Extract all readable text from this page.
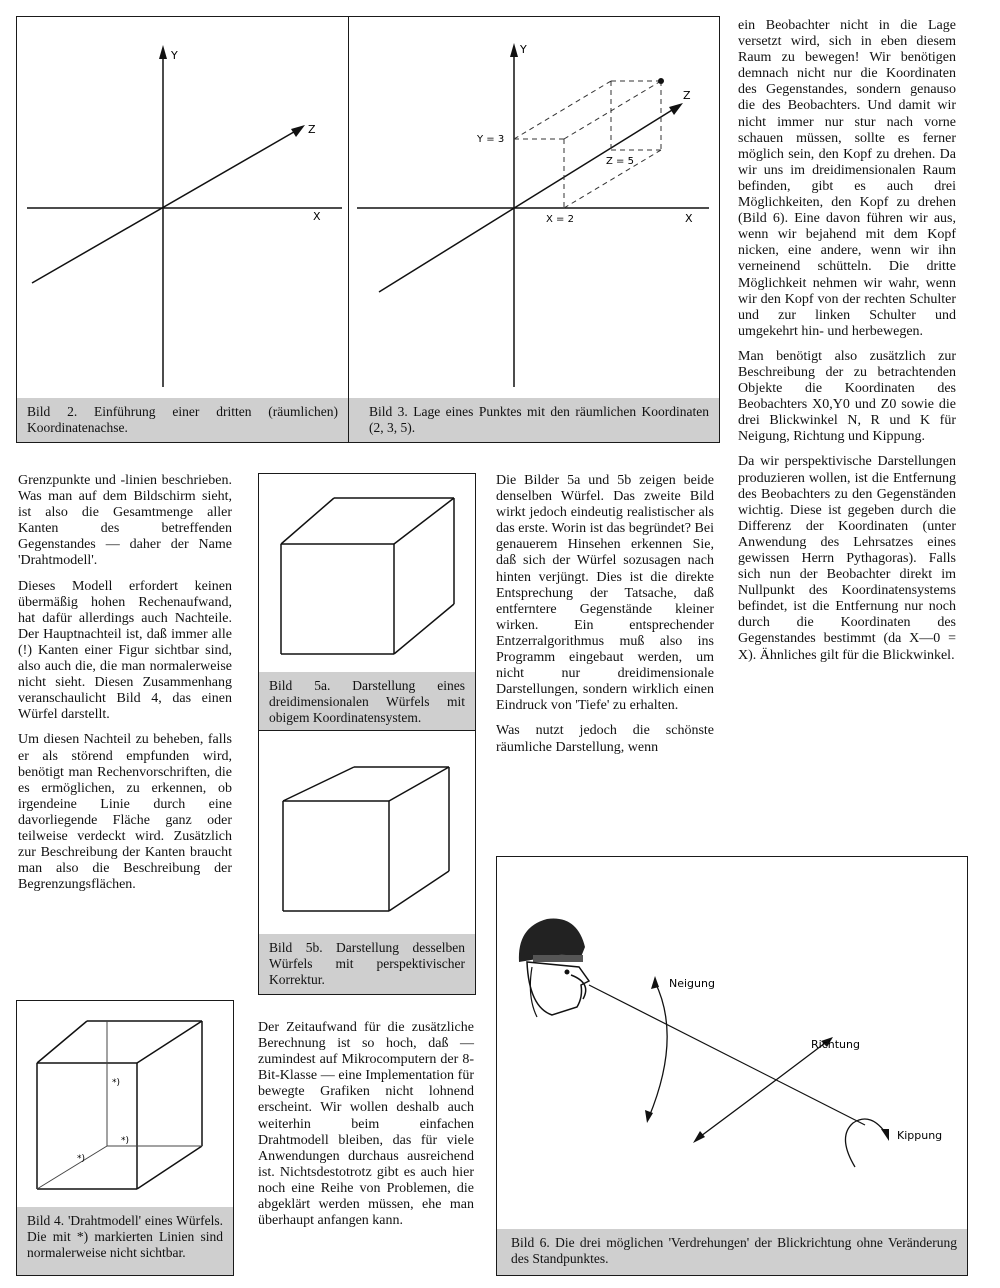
Y
X
Z
Bild 2. Einführung einer dritten (räumlichen) Koordinatenachse.
Y = 3
X = 2
Z = 5
Y
X
Z
Bild 3. Lage eines Punktes mit den räumlichen Koordinaten (2, 3, 5).

Grenzpunkte und -linien beschrieben. Was man auf dem Bildschirm sieht, ist also die Gesamtmenge aller Kanten des betreffenden Gegenstandes — daher der Name 'Drahtmodell'.

Dieses Modell erfordert keinen übermäßig hohen Rechenaufwand, hat dafür allerdings auch Nachteile. Der Hauptnachteil ist, daß immer alle (!) Kanten einer Figur sichtbar sind, also auch die, die man normalerweise nicht sieht. Diesen Zusammenhang veranschaulicht Bild 4, das einen Würfel darstellt.

Um diesen Nachteil zu beheben, falls er als störend empfunden wird, benötigt man Rechenvorschriften, die es ermöglichen, zu erkennen, ob irgendeine Linie durch eine davorliegende Fläche ganz oder teilweise verdeckt wird. Zusätzlich zur Beschreibung der Kanten braucht man also die Beschreibung der Begrenzungsflächen.

*)
*)
*)
Bild 4. 'Drahtmodell' eines Würfels. Die mit *) markierten Linien sind normalerweise nicht sichtbar.
Bild 5a. Darstellung eines dreidimensionalen Würfels mit obigem Koordinatensystem.
Bild 5b. Darstellung desselben Würfels mit perspektivischer Korrektur.

Der Zeitaufwand für die zusätzliche Berechnung ist so hoch, daß — zumindest auf Mikrocomputern der 8-Bit-Klasse — eine Implementation für bewegte Grafiken nicht lohnend erscheint. Wir wollen deshalb auch weiterhin beim einfachen Drahtmodell bleiben, das für viele Anwendungen durchaus ausreichend ist. Nichtsdestotrotz gibt es auch hier noch eine Reihe von Problemen, die abgeklärt werden müssen, ehe man überhaupt anfangen kann.

Die Bilder 5a und 5b zeigen beide denselben Würfel. Das zweite Bild wirkt jedoch eindeutig realistischer als das erste. Worin ist das begründet? Bei genauerem Hinsehen erkennen Sie, daß sich der Würfel sozusagen nach hinten verjüngt. Dies ist die direkte Entsprechung der Tatsache, daß entferntere Gegenstände kleiner wirken. Ein entsprechender Entzerralgorithmus muß also ins Programm eingebaut werden, um nicht nur dreidimensionale Darstellungen, sondern wirklich einen Eindruck von 'Tiefe' zu erhalten.

Was nutzt jedoch die schönste räumliche Darstellung, wenn

ein Beobachter nicht in die Lage versetzt wird, sich in eben diesem Raum zu bewegen! Wir benötigen demnach nicht nur die Koordinaten des Gegenstandes, sondern genauso die des Beobachters. Und damit wir nicht immer nur stur nach vorne schauen müssen, sollte es ferner möglich sein, den Kopf zu drehen. Da wir uns im dreidimensionalen Raum befinden, gibt es auch drei Möglichkeiten, den Kopf zu drehen (Bild 6). Eine davon führen wir aus, wenn wir bejahend mit dem Kopf nicken, eine andere, wenn wir ihn verneinend schütteln. Die dritte Möglichkeit nehmen wir wahr, wenn wir den Kopf von der rechten Schulter und zur linken Schulter und umgekehrt hin- und herbewegen.

Man benötigt also zusätzlich zur Beschreibung der zu betrachtenden Objekte die Koordinaten des Beobachters X0,Y0 und Z0 sowie die drei Blickwinkel N, R und K für Neigung, Richtung und Kippung.

Da wir perspektivische Darstellungen produzieren wollen, ist die Entfernung des Beobachters zu den Gegenständen wichtig. Diese ist gegeben durch die Differenz der Koordinaten (unter Anwendung des Lehrsatzes eines gewissen Herrn Pythagoras). Falls sich nun der Beobachter direkt im Nullpunkt des Koordinatensystems befindet, ist die Entfernung nur noch durch die Koordinaten des Gegenstandes bestimmt (da X—0 = X). Ähnliches gilt für die Blickwinkel.

Neigung
Richtung
Kippung
Bild 6. Die drei möglichen 'Verdrehungen' der Blickrichtung ohne Veränderung des Standpunktes.
